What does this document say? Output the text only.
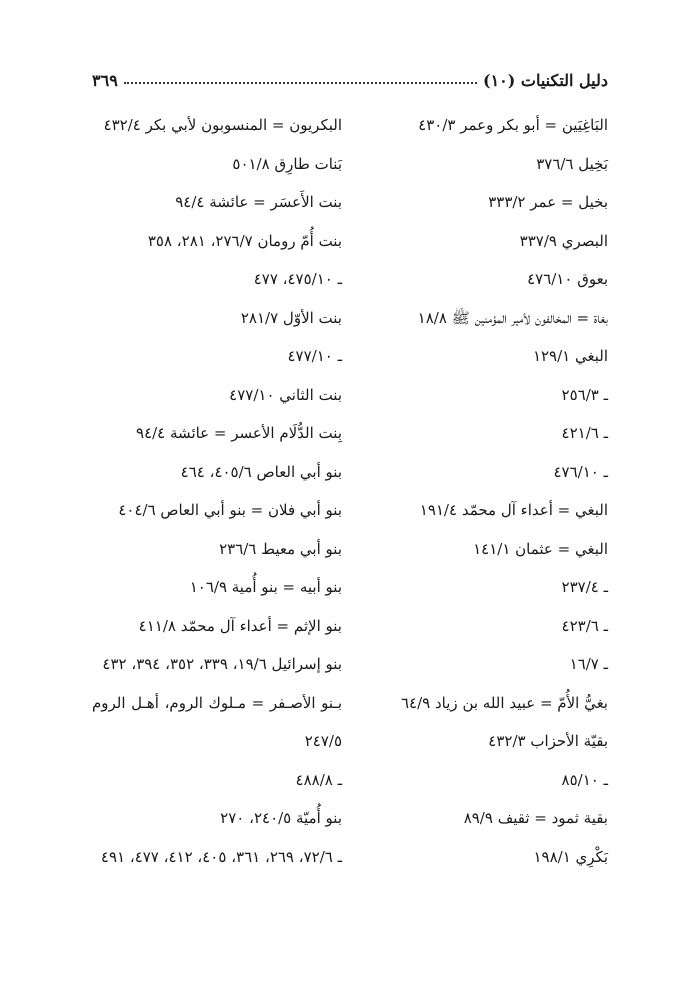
دليل التكنيات (١٠)
٣٦٩
البَاغِيَين = أبو بكر وعمر ٤٣٠/٣
بَخِيل ٣٧٦/٦
بخيل = عمر ٣٣٣/٢
البصري ٣٣٧/٩
بعوق ٤٧٦/١٠
بغاة = المخالفون لأمير المؤمنين ﷺ ١٨/٨
البغي ١٢٩/١
ـ ٢٥٦/٣
ـ ٤٢١/٦
ـ ٤٧٦/١٠
البغي = أعداء آل محمّد ١٩١/٤
البغي = عثمان ١٤١/١
ـ ٢٣٧/٤
ـ ٤٢٣/٦
ـ ١٦/٧
بغيُّ الأُمّ = عبيد الله بن زياد ٦٤/٩
بقيّة الأحزاب ٤٣٢/٣
ـ ٨٥/١٠
بقية ثمود = ثقيف ٨٩/٩
بَكْرِي ١٩٨/١
البكريون = المنسوبون لأبي بكر ٤٣٢/٤
بَنات طارِق ٥٠١/٨
بنت الأَعسَر = عائشة ٩٤/٤
بنت أُمّ رومان ٢٧٦/٧، ٢٨١، ٣٥٨
ـ ٤٧٥/١٠، ٤٧٧
بنت الأوّل ٢٨١/٧
ـ ٤٧٧/١٠
بنت الثاني ٤٧٧/١٠
بِنت الدُّلَام الأعسر = عائشة ٩٤/٤
بنو أبي العاص ٤٠٥/٦، ٤٦٤
بنو أبي فلان = بنو أبي العاص ٤٠٤/٦
بنو أبي معيط ٢٣٦/٦
بنو أبيه = بنو أُمية ١٠٦/٩
بنو الإثم = أعداء آل محمّد ٤١١/٨
بنو إسرائيل ١٩/٦، ٣٣٩، ٣٥٢، ٣٩٤، ٤٣٢
بـنو الأصـفر = مـلوك الروم، أهـل الروم
٢٤٧/٥
ـ ٤٨٨/٨
بنو أُميّة ٢٤٠/٥، ٢٧٠
ـ ٧٢/٦، ٢٦٩، ٣٦١، ٤٠٥، ٤١٢، ٤٧٧، ٤٩١
